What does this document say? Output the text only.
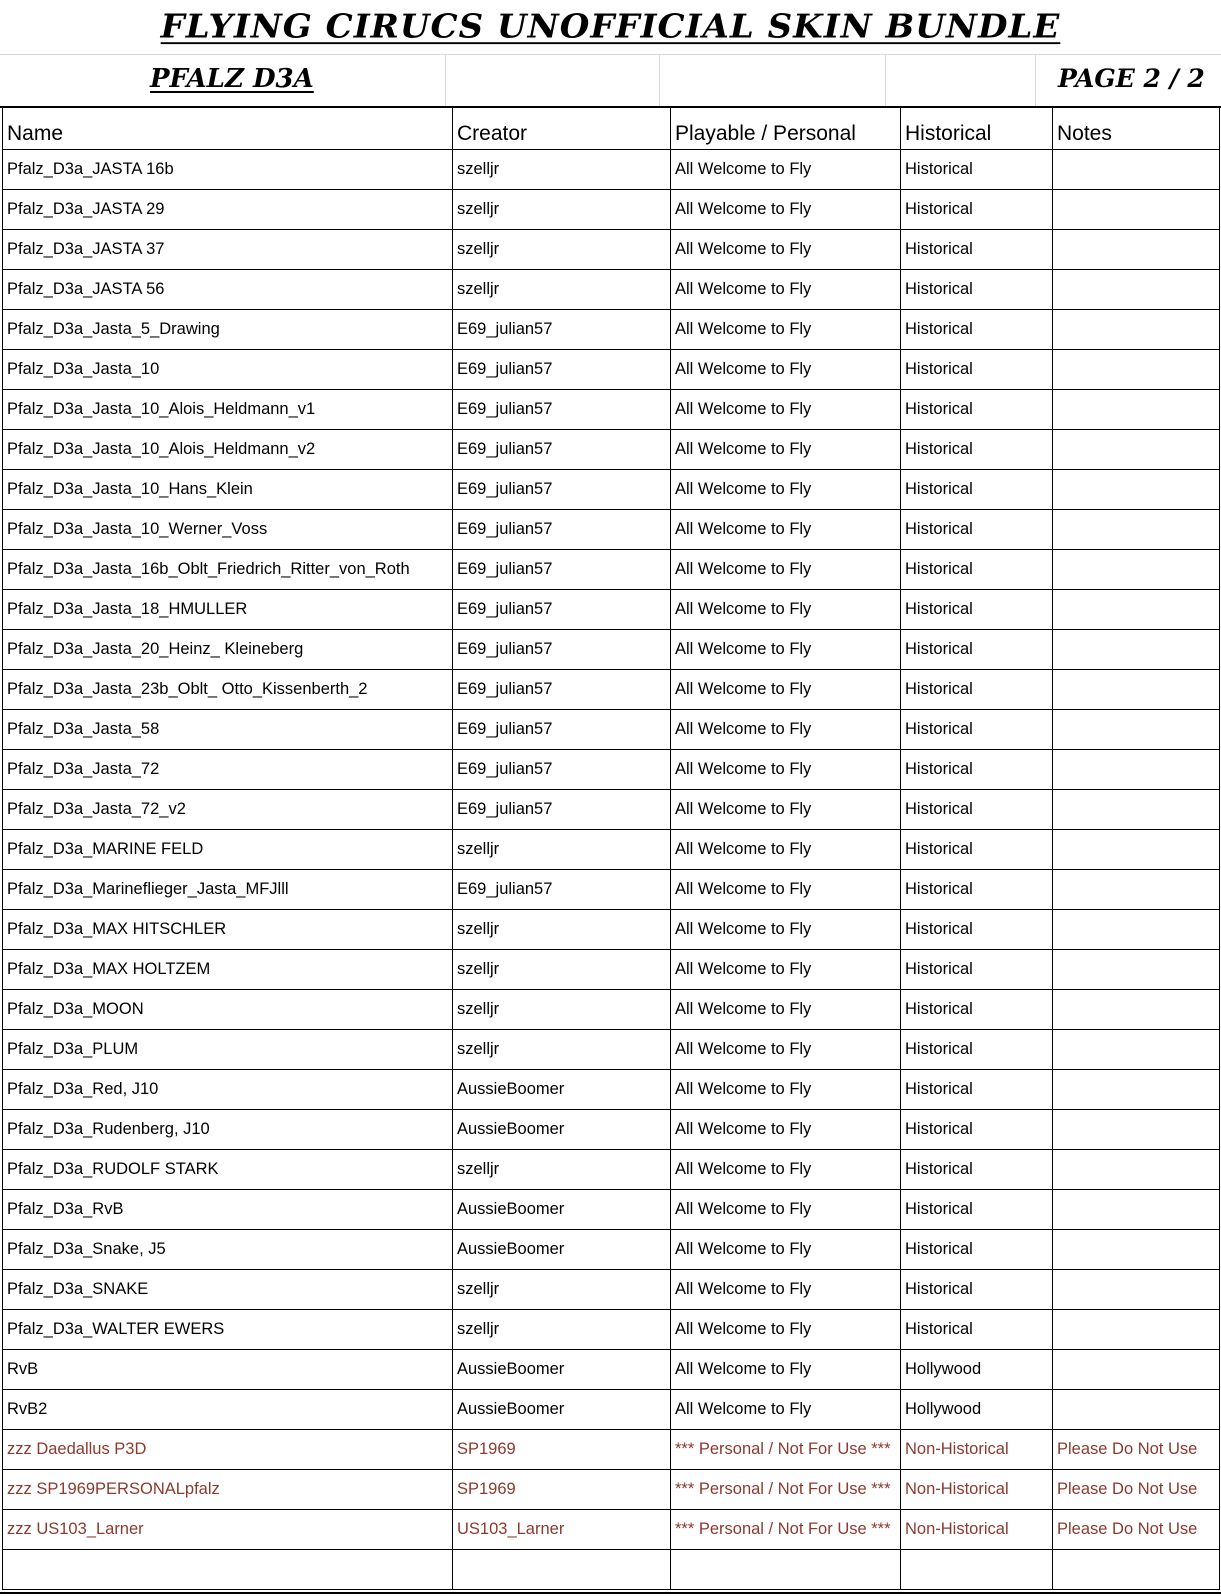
FLYING CIRUCS UNOFFICIAL SKIN BUNDLE
PFALZ D3A	PAGE 2 / 2
Name	Creator	Playable / Personal	Historical	Notes
Pfalz_D3a_JASTA 16b	szelljr	All Welcome to Fly	Historical	
Pfalz_D3a_JASTA 29	szelljr	All Welcome to Fly	Historical	
Pfalz_D3a_JASTA 37	szelljr	All Welcome to Fly	Historical	
Pfalz_D3a_JASTA 56	szelljr	All Welcome to Fly	Historical	
Pfalz_D3a_Jasta_5_Drawing	E69_julian57	All Welcome to Fly	Historical	
Pfalz_D3a_Jasta_10	E69_julian57	All Welcome to Fly	Historical	
Pfalz_D3a_Jasta_10_Alois_Heldmann_v1	E69_julian57	All Welcome to Fly	Historical	
Pfalz_D3a_Jasta_10_Alois_Heldmann_v2	E69_julian57	All Welcome to Fly	Historical	
Pfalz_D3a_Jasta_10_Hans_Klein	E69_julian57	All Welcome to Fly	Historical	
Pfalz_D3a_Jasta_10_Werner_Voss	E69_julian57	All Welcome to Fly	Historical	
Pfalz_D3a_Jasta_16b_Oblt_Friedrich_Ritter_von_Roth	E69_julian57	All Welcome to Fly	Historical	
Pfalz_D3a_Jasta_18_HMULLER	E69_julian57	All Welcome to Fly	Historical	
Pfalz_D3a_Jasta_20_Heinz_ Kleineberg	E69_julian57	All Welcome to Fly	Historical	
Pfalz_D3a_Jasta_23b_Oblt_ Otto_Kissenberth_2	E69_julian57	All Welcome to Fly	Historical	
Pfalz_D3a_Jasta_58	E69_julian57	All Welcome to Fly	Historical	
Pfalz_D3a_Jasta_72	E69_julian57	All Welcome to Fly	Historical	
Pfalz_D3a_Jasta_72_v2	E69_julian57	All Welcome to Fly	Historical	
Pfalz_D3a_MARINE FELD	szelljr	All Welcome to Fly	Historical	
Pfalz_D3a_Marineflieger_Jasta_MFJlll	E69_julian57	All Welcome to Fly	Historical	
Pfalz_D3a_MAX HITSCHLER	szelljr	All Welcome to Fly	Historical	
Pfalz_D3a_MAX HOLTZEM	szelljr	All Welcome to Fly	Historical	
Pfalz_D3a_MOON	szelljr	All Welcome to Fly	Historical	
Pfalz_D3a_PLUM	szelljr	All Welcome to Fly	Historical	
Pfalz_D3a_Red, J10	AussieBoomer	All Welcome to Fly	Historical	
Pfalz_D3a_Rudenberg, J10	AussieBoomer	All Welcome to Fly	Historical	
Pfalz_D3a_RUDOLF STARK	szelljr	All Welcome to Fly	Historical	
Pfalz_D3a_RvB	AussieBoomer	All Welcome to Fly	Historical	
Pfalz_D3a_Snake, J5	AussieBoomer	All Welcome to Fly	Historical	
Pfalz_D3a_SNAKE	szelljr	All Welcome to Fly	Historical	
Pfalz_D3a_WALTER EWERS	szelljr	All Welcome to Fly	Historical	
RvB	AussieBoomer	All Welcome to Fly	Hollywood	
RvB2	AussieBoomer	All Welcome to Fly	Hollywood	
zzz Daedallus P3D	SP1969	*** Personal / Not For Use ***	Non-Historical	Please Do Not Use
zzz SP1969PERSONALpfalz	SP1969	*** Personal / Not For Use ***	Non-Historical	Please Do Not Use
zzz US103_Larner	US103_Larner	*** Personal / Not For Use ***	Non-Historical	Please Do Not Use
